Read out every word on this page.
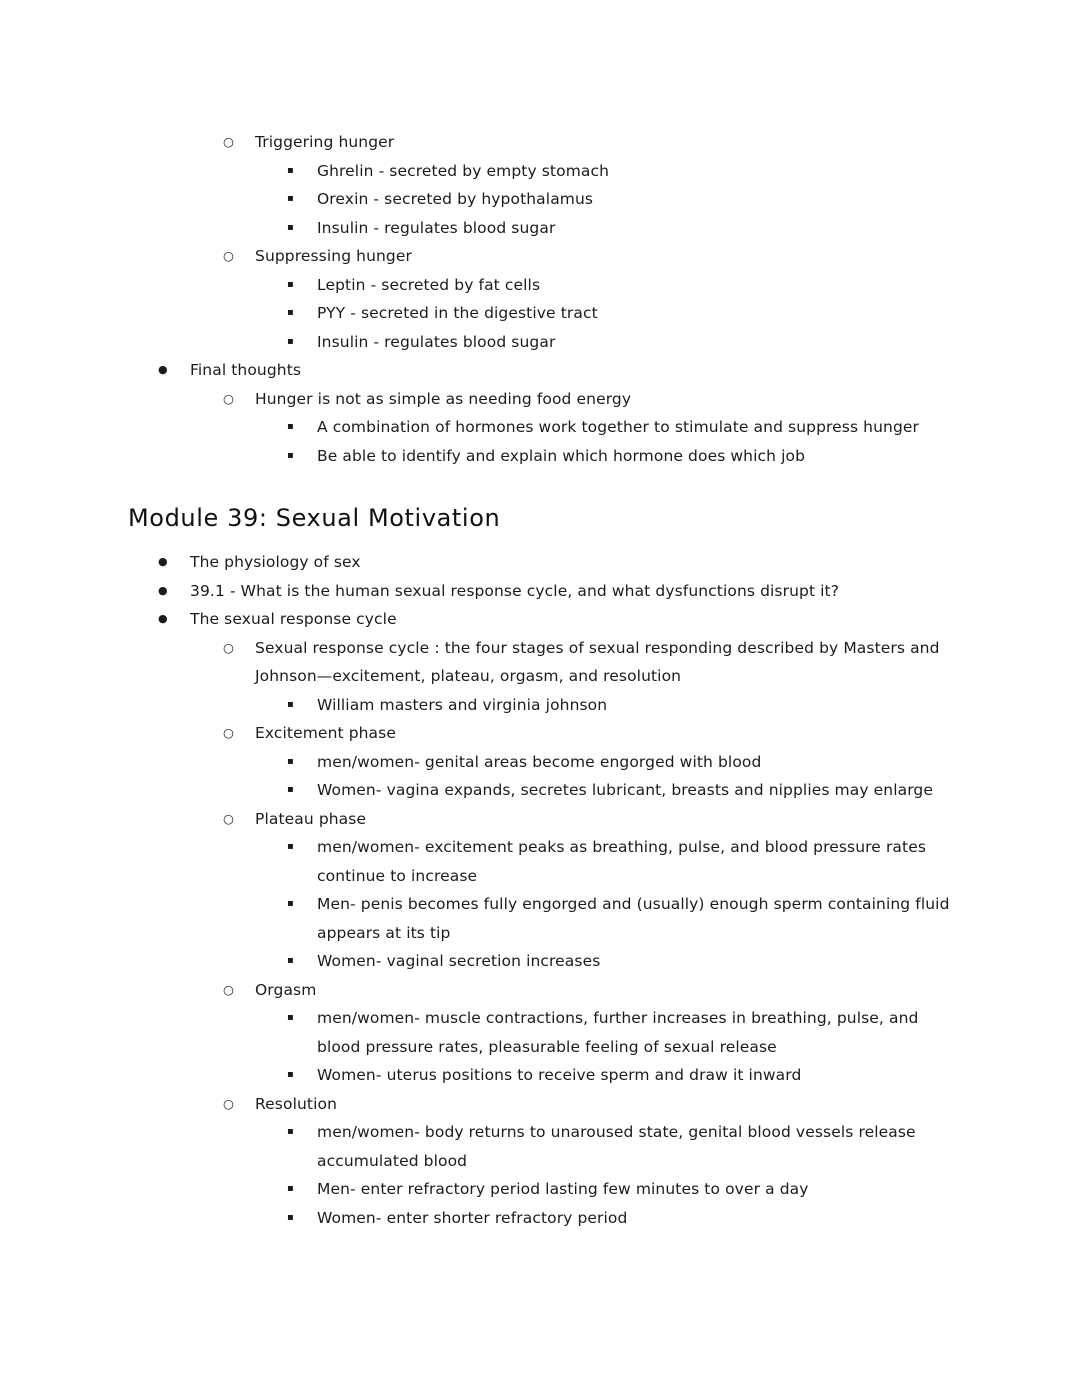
○ Triggering hunger
▪ Ghrelin - secreted by empty stomach
▪ Orexin - secreted by hypothalamus
▪ Insulin - regulates blood sugar
○ Suppressing hunger
▪ Leptin - secreted by fat cells
▪ PYY - secreted in the digestive tract
▪ Insulin - regulates blood sugar
● Final thoughts
○ Hunger is not as simple as needing food energy
▪ A combination of hormones work together to stimulate and suppress hunger
▪ Be able to identify and explain which hormone does which job
Module 39: Sexual Motivation
● The physiology of sex
● 39.1 - What is the human sexual response cycle, and what dysfunctions disrupt it?
● The sexual response cycle
○ Sexual response cycle : the four stages of sexual responding described by Masters and Johnson—excitement, plateau, orgasm, and resolution
▪ William masters and virginia johnson
○ Excitement phase
▪ men/women- genital areas become engorged with blood
▪ Women- vagina expands, secretes lubricant, breasts and nipplies may enlarge
○ Plateau phase
▪ men/women- excitement peaks as breathing, pulse, and blood pressure rates continue to increase
▪ Men- penis becomes fully engorged and (usually) enough sperm containing fluid appears at its tip
▪ Women- vaginal secretion increases
○ Orgasm
▪ men/women- muscle contractions, further increases in breathing, pulse, and blood pressure rates, pleasurable feeling of sexual release
▪ Women- uterus positions to receive sperm and draw it inward
○ Resolution
▪ men/women- body returns to unaroused state, genital blood vessels release accumulated blood
▪ Men- enter refractory period lasting few minutes to over a day
▪ Women- enter shorter refractory period
